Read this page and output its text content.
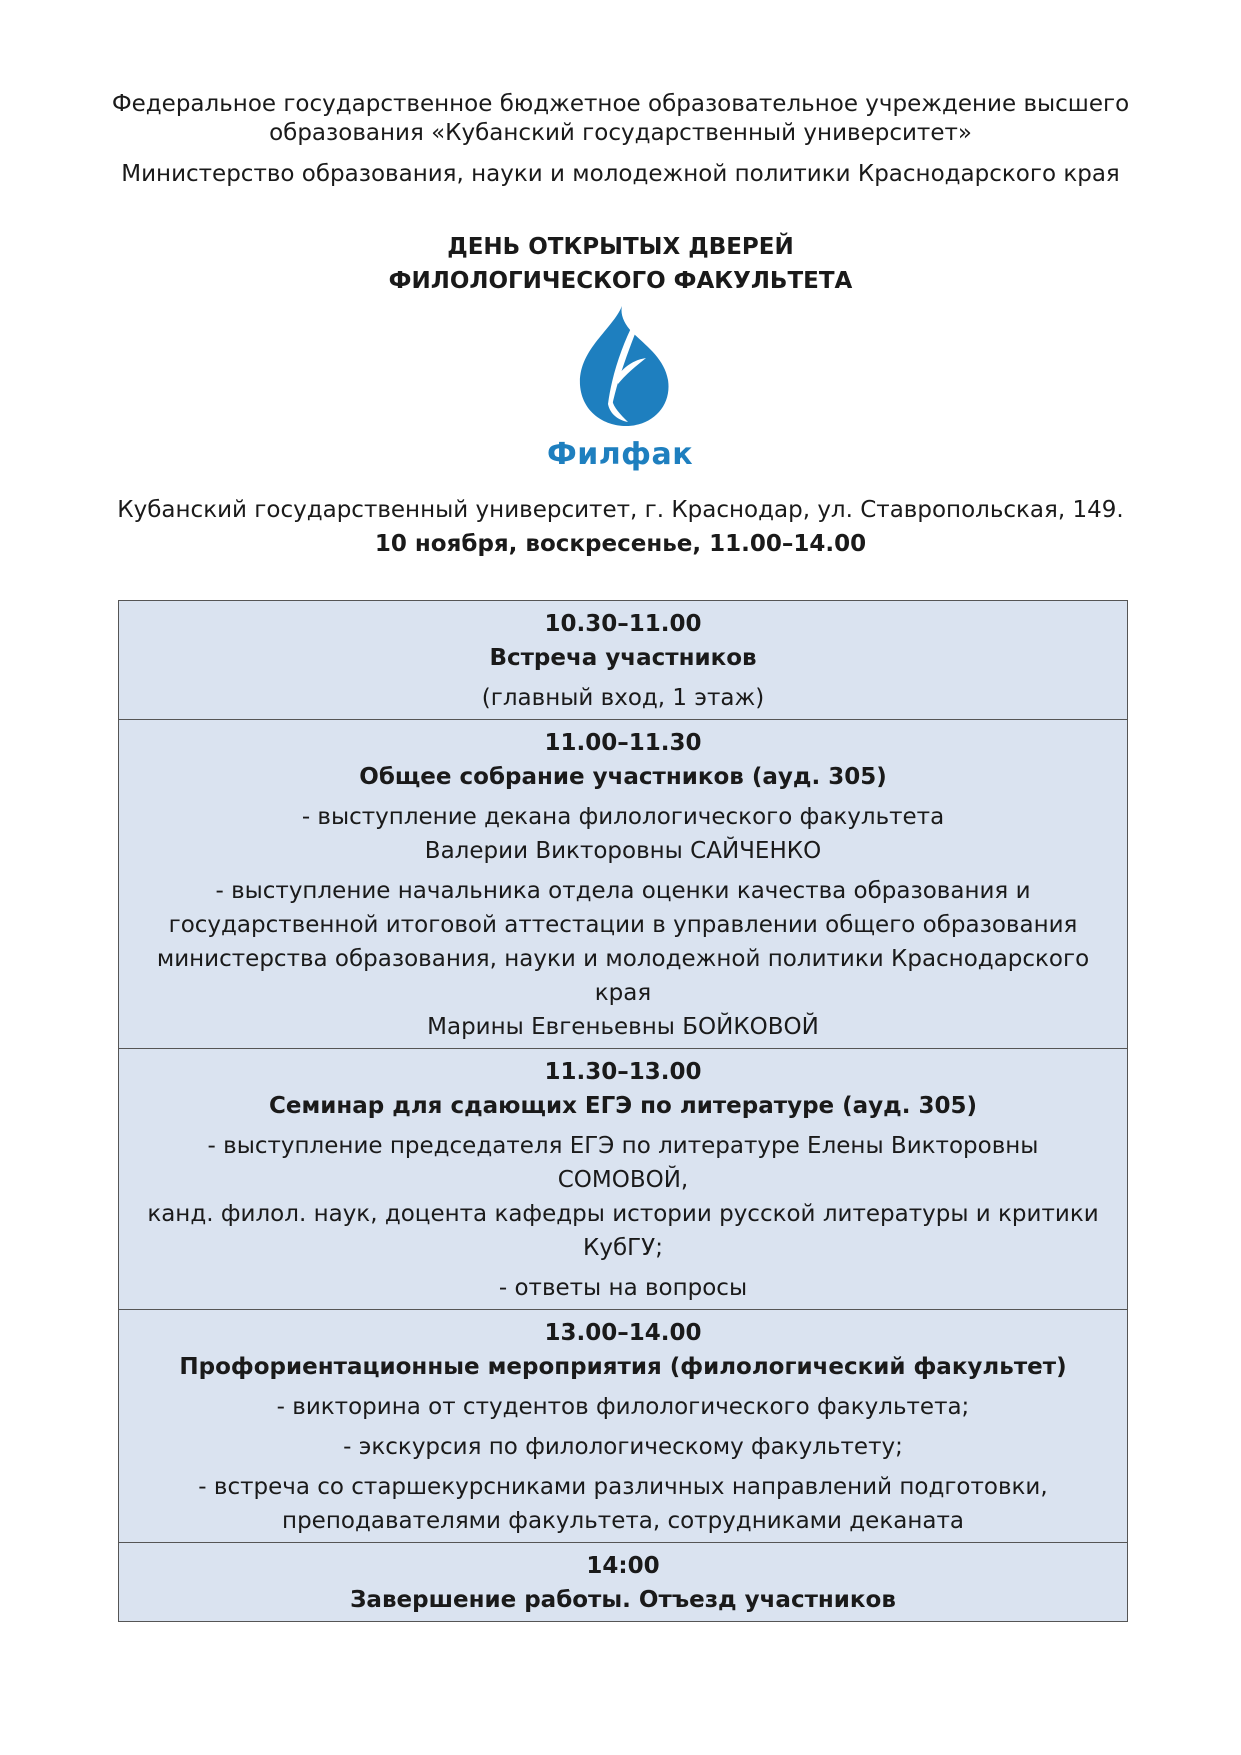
Федеральное государственное бюджетное образовательное учреждение высшего
образования «Кубанский государственный университет»
Министерство образования, науки и молодежной политики Краснодарского края
ДЕНЬ ОТКРЫТЫХ ДВЕРЕЙ
ФИЛОЛОГИЧЕСКОГО ФАКУЛЬТЕТА
Филфак
Кубанский государственный университет, г. Краснодар, ул. Ставропольская, 149.
10 ноября, воскресенье, 11.00–14.00
10.30–11.00
Встреча участников
(главный вход, 1 этаж)
11.00–11.30
Общее собрание участников (ауд. 305)
- выступление декана филологического факультета
Валерии Викторовны САЙЧЕНКО
- выступление начальника отдела оценки качества образования и
государственной итоговой аттестации в управлении общего образования
министерства образования, науки и молодежной политики Краснодарского края
Марины Евгеньевны БОЙКОВОЙ
11.30–13.00
Семинар для сдающих ЕГЭ по литературе (ауд. 305)
- выступление председателя ЕГЭ по литературе Елены Викторовны СОМОВОЙ,
канд. филол. наук, доцента кафедры истории русской литературы и критики
КубГУ;
- ответы на вопросы
13.00–14.00
Профориентационные мероприятия (филологический факультет)
- викторина от студентов филологического факультета;
- экскурсия по филологическому факультету;
- встреча со старшекурсниками различных направлений подготовки,
преподавателями факультета, сотрудниками деканата
14:00
Завершение работы. Отъезд участников
